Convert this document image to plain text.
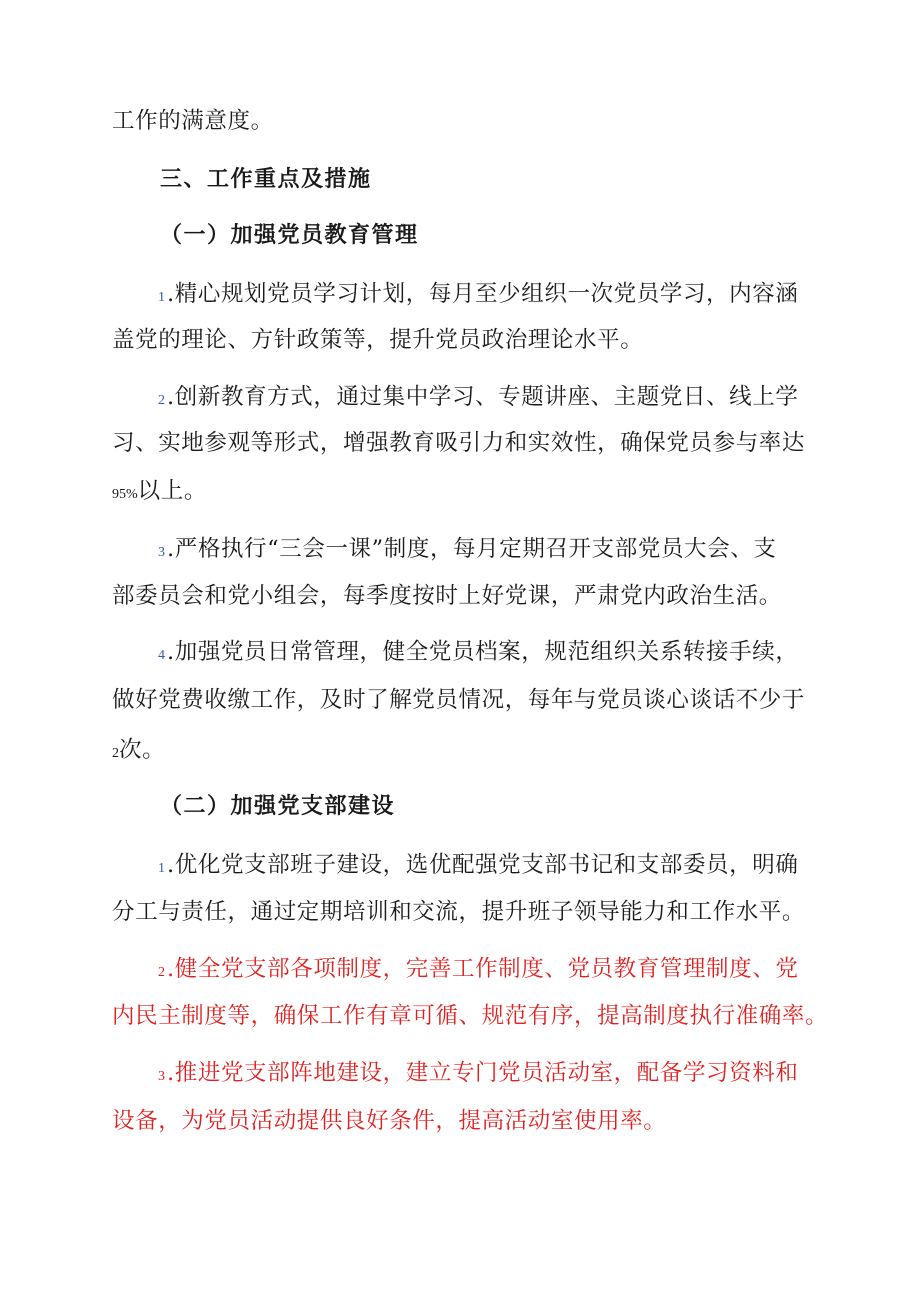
工作的满意度。
三、工作重点及措施
（一）加强党员教育管理
1.精心规划党员学习计划，每月至少组织一次党员学习，内容涵
盖党的理论、方针政策等，提升党员政治理论水平。
2.创新教育方式，通过集中学习、专题讲座、主题党日、线上学
习、实地参观等形式，增强教育吸引力和实效性，确保党员参与率达
95%以上。
3.严格执行“三会一课”制度，每月定期召开支部党员大会、支
部委员会和党小组会，每季度按时上好党课，严肃党内政治生活。
4.加强党员日常管理，健全党员档案，规范组织关系转接手续，
做好党费收缴工作，及时了解党员情况，每年与党员谈心谈话不少于
2次。
（二）加强党支部建设
1.优化党支部班子建设，选优配强党支部书记和支部委员，明确
分工与责任，通过定期培训和交流，提升班子领导能力和工作水平。
2.健全党支部各项制度，完善工作制度、党员教育管理制度、党
内民主制度等，确保工作有章可循、规范有序，提高制度执行准确率。
3.推进党支部阵地建设，建立专门党员活动室，配备学习资料和
设备，为党员活动提供良好条件，提高活动室使用率。
